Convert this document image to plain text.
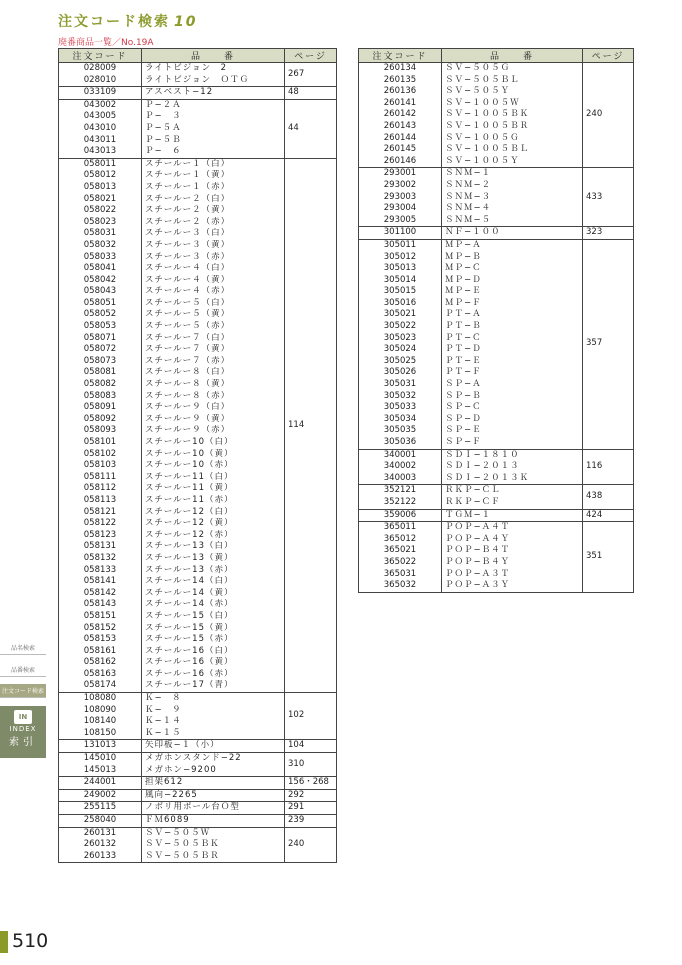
注文コード検索 10
廃番商品一覧／No.19A
注文コード	品　　番	ページ
028009	ライトビジョン　2	267
028010	ライトビジョン　ＯＴＧ	
033109	アスベスト−12	48
043002	Ｐ−２Ａ	44
043005	Ｐ−　３	
043010	Ｐ−５Ａ	
043011	Ｐ−５Ｂ	
043013	Ｐ−　６	
058011	スチールー１（白）	114
058012	スチールー１（黄）	
058013	スチールー１（赤）	
058021	スチールー２（白）	
058022	スチールー２（黄）	
058023	スチールー２（赤）	
058031	スチールー３（白）	
058032	スチールー３（黄）	
058033	スチールー３（赤）	
058041	スチールー４（白）	
058042	スチールー４（黄）	
058043	スチールー４（赤）	
058051	スチールー５（白）	
058052	スチールー５（黄）	
058053	スチールー５（赤）	
058071	スチールー７（白）	
058072	スチールー７（黄）	
058073	スチールー７（赤）	
058081	スチールー８（白）	
058082	スチールー８（黄）	
058083	スチールー８（赤）	
058091	スチールー９（白）	
058092	スチールー９（黄）	
058093	スチールー９（赤）	
058101	スチールー10（白）	
058102	スチールー10（黄）	
058103	スチールー10（赤）	
058111	スチールー11（白）	
058112	スチールー11（黄）	
058113	スチールー11（赤）	
058121	スチールー12（白）	
058122	スチールー12（黄）	
058123	スチールー12（赤）	
058131	スチールー13（白）	
058132	スチールー13（黄）	
058133	スチールー13（赤）	
058141	スチールー14（白）	
058142	スチールー14（黄）	
058143	スチールー14（赤）	
058151	スチールー15（白）	
058152	スチールー15（黄）	
058153	スチールー15（赤）	
058161	スチールー16（白）	
058162	スチールー16（黄）	
058163	スチールー16（赤）	
058174	スチールー17（青）	
108080	Ｋ−　８	102
108090	Ｋ−　９	
108140	Ｋ−１４	
108150	Ｋ−１５	
131013	矢印板−１（小）	104
145010	メガホンスタンド−22	310
145013	メガホン−9200	
244001	担架612	156・268
249002	風向−2265	292
255115	ノボリ用ポール台Ｏ型	291
258040	ＦＭ6089	239
260131	ＳＶ−５０５Ｗ	240
260132	ＳＶ−５０５ＢＫ	
260133	ＳＶ−５０５ＢＲ	
注文コード	品　　番	ページ
260134	ＳＶ−５０５Ｇ	240
260135	ＳＶ−５０５ＢＬ	
260136	ＳＶ−５０５Ｙ	
260141	ＳＶ−１００５Ｗ	
260142	ＳＶ−１００５ＢＫ	
260143	ＳＶ−１００５ＢＲ	
260144	ＳＶ−１００５Ｇ	
260145	ＳＶ−１００５ＢＬ	
260146	ＳＶ−１００５Ｙ	
293001	ＳＮＭ−１	433
293002	ＳＮＭ−２	
293003	ＳＮＭ−３	
293004	ＳＮＭ−４	
293005	ＳＮＭ−５	
301100	ＮＦ−１００	323
305011	ＭＰ−Ａ	357
305012	ＭＰ−Ｂ	
305013	ＭＰ−Ｃ	
305014	ＭＰ−Ｄ	
305015	ＭＰ−Ｅ	
305016	ＭＰ−Ｆ	
305021	ＰＴ−Ａ	
305022	ＰＴ−Ｂ	
305023	ＰＴ−Ｃ	
305024	ＰＴ−Ｄ	
305025	ＰＴ−Ｅ	
305026	ＰＴ−Ｆ	
305031	ＳＰ−Ａ	
305032	ＳＰ−Ｂ	
305033	ＳＰ−Ｃ	
305034	ＳＰ−Ｄ	
305035	ＳＰ−Ｅ	
305036	ＳＰ−Ｆ	
340001	ＳＤＩ−１８１０	116
340002	ＳＤＩ−２０１３	
340003	ＳＤＩ−２０１３Ｋ	
352121	ＲＫＰ−ＣＬ	438
352122	ＲＫＰ−ＣＦ	
359006	ＴＧＭ−１	424
365011	ＰＯＰ−Ａ４Ｔ	351
365012	ＰＯＰ−Ａ４Ｙ	
365021	ＰＯＰ−Ｂ４Ｔ	
365022	ＰＯＰ−Ｂ４Ｙ	
365031	ＰＯＰ−Ａ３Ｔ	
365032	ＰＯＰ−Ａ３Ｙ	
品名検索
品番検索
注文コード検索
IN
INDEX
索引
510
